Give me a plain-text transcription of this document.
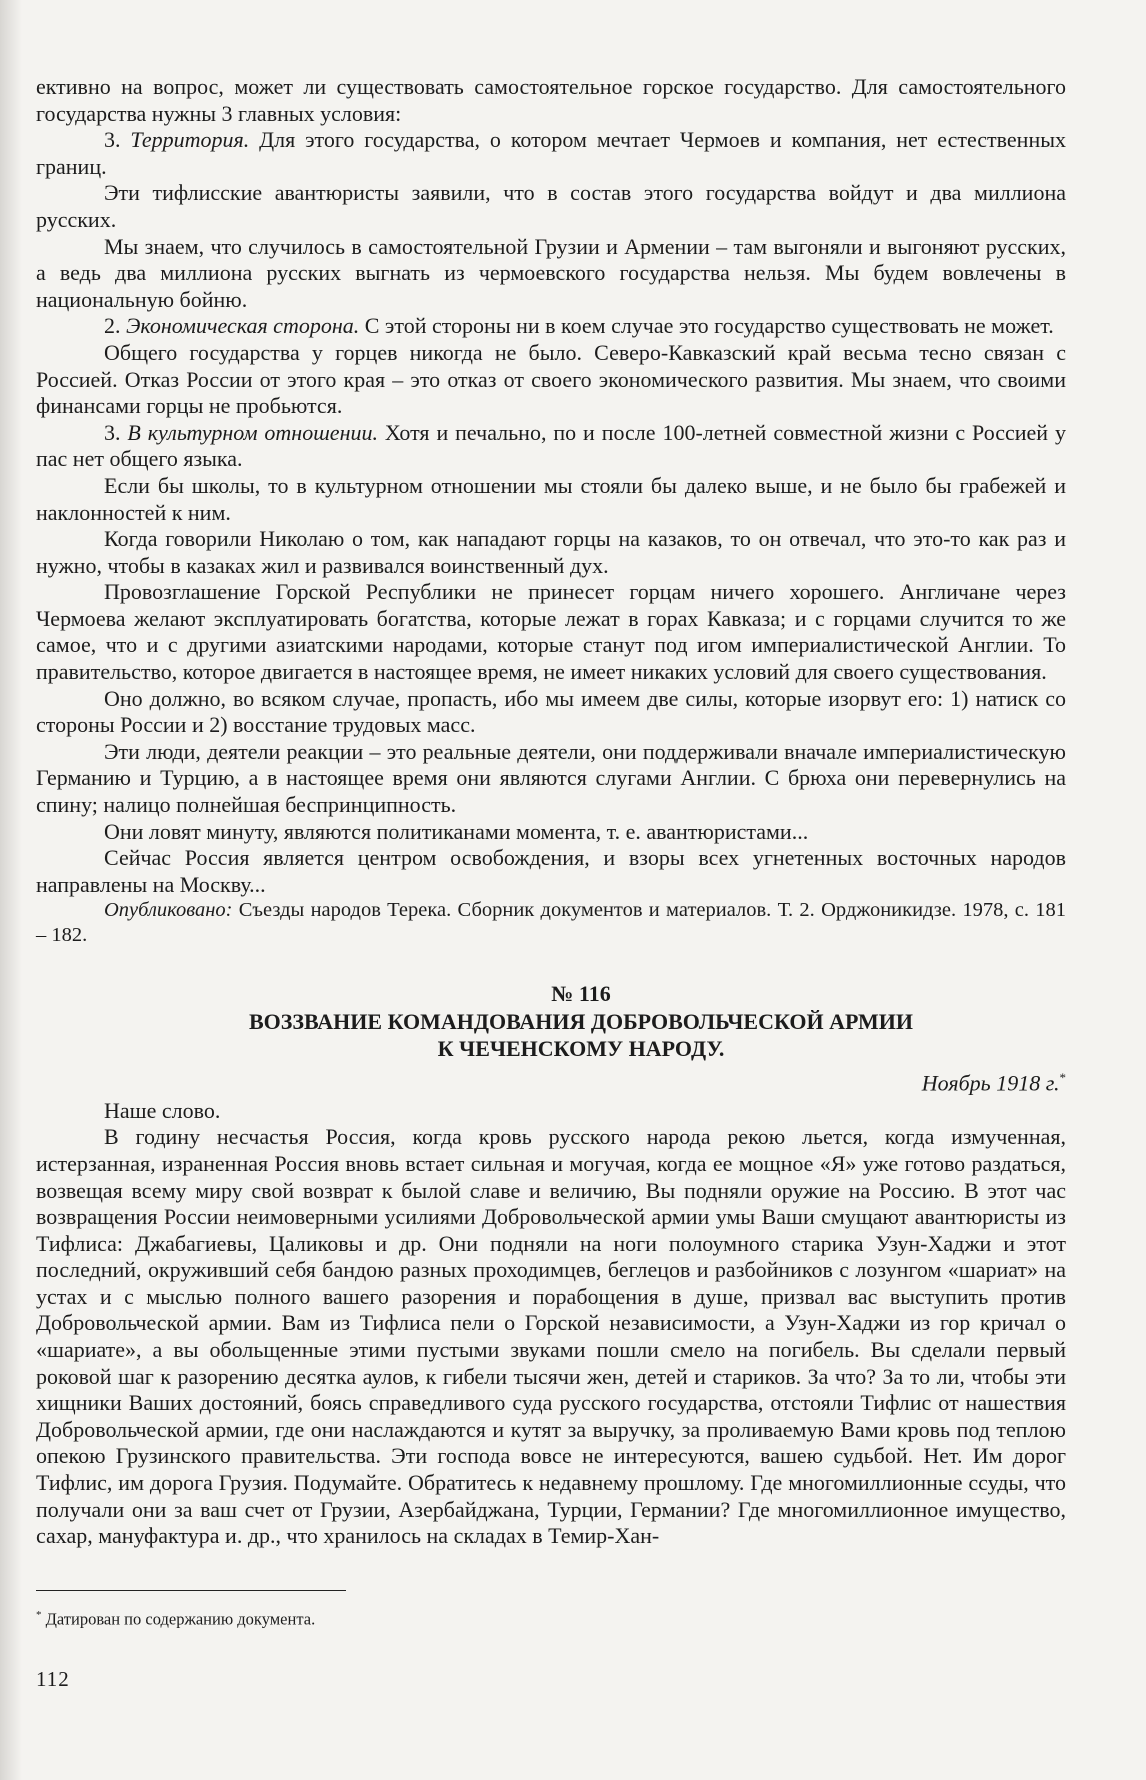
ективно на вопрос, может ли существовать самостоятельное горское государство. Для самостоятельного государства нужны 3 главных условия:

3. Территория. Для этого государства, о котором мечтает Чермоев и компания, нет естественных границ.

Эти тифлисские авантюристы заявили, что в состав этого государства войдут и два миллиона русских.

Мы знаем, что случилось в самостоятельной Грузии и Армении – там выгоняли и выгоняют русских, а ведь два миллиона русских выгнать из чермоевского государства нельзя. Мы будем вовлечены в национальную бойню.

2. Экономическая сторона. С этой стороны ни в коем случае это государство существовать не может.

Общего государства у горцев никогда не было. Северо-Кавказский край весьма тесно связан с Россией. Отказ России от этого края – это отказ от своего экономического развития. Мы знаем, что своими финансами горцы не пробьются.

3. В культурном отношении. Хотя и печально, по и после 100-летней совместной жизни с Россией у пас нет общего языка.

Если бы школы, то в культурном отношении мы стояли бы далеко выше, и не было бы грабежей и наклонностей к ним.

Когда говорили Николаю о том, как нападают горцы на казаков, то он отвечал, что это-то как раз и нужно, чтобы в казаках жил и развивался воинственный дух.

Провозглашение Горской Республики не принесет горцам ничего хорошего. Англичане через Чермоева желают эксплуатировать богатства, которые лежат в горах Кавказа; и с горцами случится то же самое, что и с другими азиатскими народами, которые станут под игом империалистической Англии. То правительство, которое двигается в настоящее время, не имеет никаких условий для своего существования.

Оно должно, во всяком случае, пропасть, ибо мы имеем две силы, которые изорвут его: 1) натиск со стороны России и 2) восстание трудовых масс.

Эти люди, деятели реакции – это реальные деятели, они поддерживали вначале империалистическую Германию и Турцию, а в настоящее время они являются слугами Англии. С брюха они перевернулись на спину; налицо полнейшая беспринципность.

Они ловят минуту, являются политиканами момента, т. е. авантюристами...

Сейчас Россия является центром освобождения, и взоры всех угнетенных восточных народов направлены на Москву...

Опубликовано: Съезды народов Терека. Сборник документов и материалов. Т. 2. Орджоникидзе. 1978, с. 181 – 182.

№ 116
ВОЗЗВАНИЕ КОМАНДОВАНИЯ ДОБРОВОЛЬЧЕСКОЙ АРМИИ
К ЧЕЧЕНСКОМУ НАРОДУ.
Ноябрь 1918 г.*

Наше слово.

В годину несчастья Россия, когда кровь русского народа рекою льется, когда измученная, истерзанная, израненная Россия вновь встает сильная и могучая, когда ее мощное «Я» уже готово раздаться, возвещая всему миру свой возврат к былой славе и величию, Вы подняли оружие на Россию. В этот час возвращения России неимоверными усилиями Добровольческой армии умы Ваши смущают авантюристы из Тифлиса: Джабагиевы, Цаликовы и др. Они подняли на ноги полоумного старика Узун-Хаджи и этот последний, окруживший себя бандою разных проходимцев, беглецов и разбойников с лозунгом «шариат» на устах и с мыслью полного вашего разорения и порабощения в душе, призвал вас выступить против Добровольческой армии. Вам из Тифлиса пели о Горской независимости, а Узун-Хаджи из гор кричал о «шариате», а вы обольщенные этими пустыми звуками пошли смело на погибель. Вы сделали первый роковой шаг к разорению десятка аулов, к гибели тысячи жен, детей и стариков. За что? За то ли, чтобы эти хищники Ваших достояний, боясь справедливого суда русского государства, отстояли Тифлис от нашествия Добровольческой армии, где они наслаждаются и кутят за выручку, за проливаемую Вами кровь под теплою опекою Грузинского правительства. Эти господа вовсе не интересуются, вашею судьбой. Нет. Им дорог Тифлис, им дорога Грузия. Подумайте. Обратитесь к недавнему прошлому. Где многомиллионные ссуды, что получали они за ваш счет от Грузии, Азербайджана, Турции, Германии? Где многомиллионное имущество, сахар, мануфактура и. др., что хранилось на складах в Темир-Хан-

* Датирован по содержанию документа.
112
